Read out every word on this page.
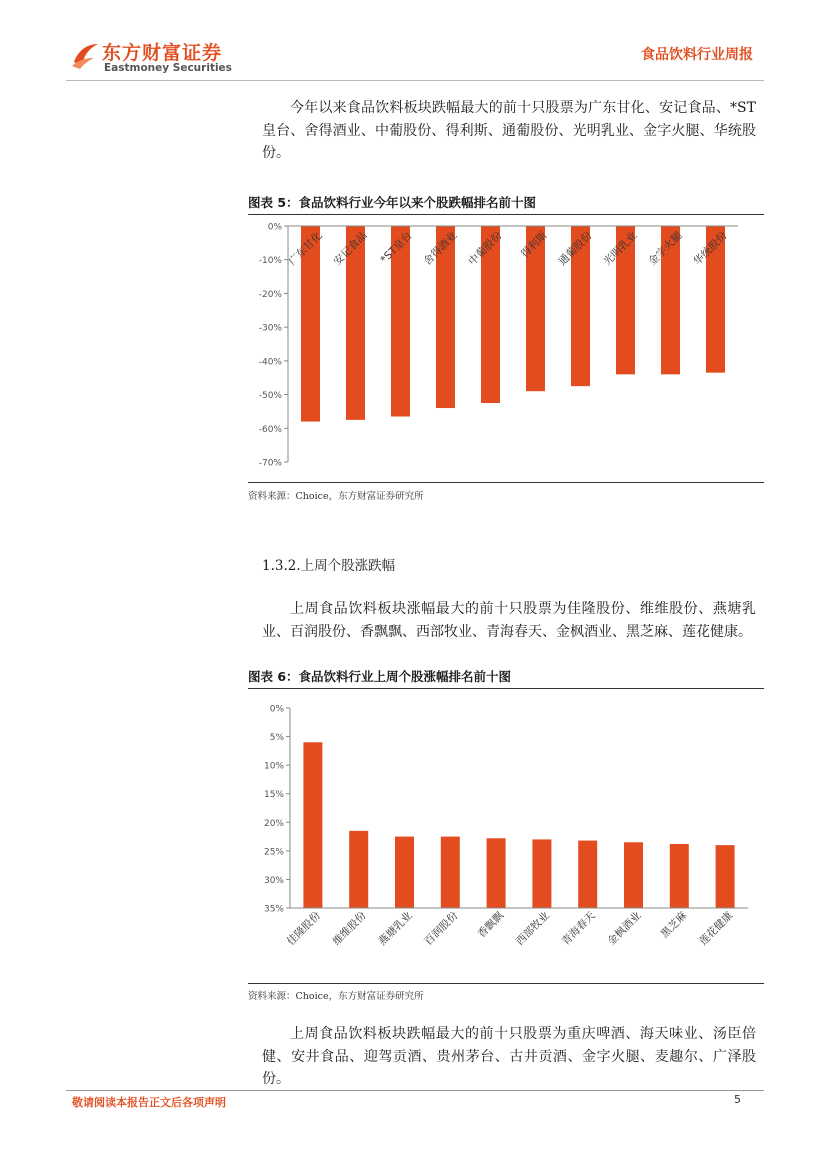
东方财富证券
Eastmoney Securities
食品饮料行业周报
今年以来食品饮料板块跌幅最大的前十只股票为广东甘化、安记食品、*ST皇台、舍得酒业、中葡股份、得利斯、通葡股份、光明乳业、金字火腿、华统股份。
图表 5：食品饮料行业今年以来个股跌幅排名前十图
0%
-10%
-20%
-30%
-40%
-50%
-60%
-70%
广东甘化 安记食品 *ST皇台 舍得酒业 中葡股份 得利斯 通葡股份 光明乳业 金字火腿 华统股份
资料来源：Choice，东方财富证券研究所
1.3.2.上周个股涨跌幅
上周食品饮料板块涨幅最大的前十只股票为佳隆股份、维维股份、燕塘乳业、百润股份、香飘飘、西部牧业、青海春天、金枫酒业、黑芝麻、莲花健康。
图表 6：食品饮料行业上周个股涨幅排名前十图
0%
5%
10%
15%
20%
25%
30%
35%
佳隆股份 维维股份 燕塘乳业 百润股份 香飘飘 西部牧业 青海春天 金枫酒业 黑芝麻 莲花健康
资料来源：Choice，东方财富证券研究所
上周食品饮料板块跌幅最大的前十只股票为重庆啤酒、海天味业、汤臣倍健、安井食品、迎驾贡酒、贵州茅台、古井贡酒、金字火腿、麦趣尔、广泽股份。
敬请阅读本报告正文后各项声明	5
